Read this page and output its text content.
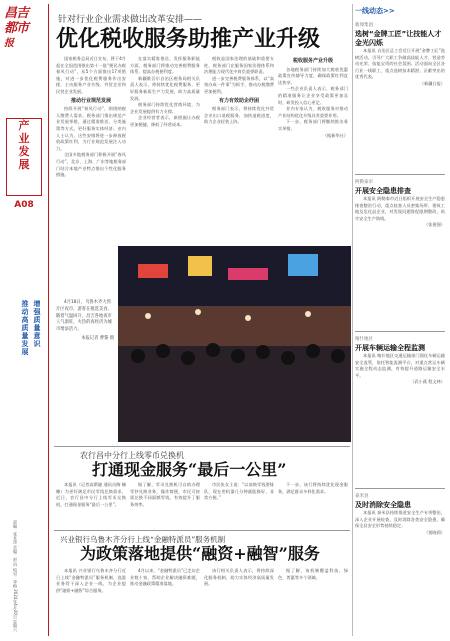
昌吉
都市
报
产
业
发
展
A08
增强质量意识
推动高质量发展
责编：张本涛 美编：赵 冉 校对：李梅 2024年4月20日 星期六
针对行业企业需求做出改革安排——
优化税收服务助推产业升级

国家税务总局近日宣布，将于4月起在全国范围推出第十一批“便民办税春风行动”，从5个方面推出17项措施，对进一步优化税费服务作出安排，主动服务产业升级、外贸企业和民营企业发展。

推动行业规范发展

持续开展“春风行动”，围绕纳税人缴费人需求，税务部门推出规范产业发展举措，通过精准推送、分类施策等方式，更好服务实体经济。业内人士认为，这些安排将进一步释放税收政策红利，为行业规范发展注入动力。

全国多地税务部门积极开展“春风行动”，北京、上海、广东等地税务部门结合本地产业特点推出个性化服务措施。

在落实精准推送、发挥服务职能方面，税务部门将推动完善税费服务体系，提高办税便利度。

新疆维吾尔自治区税务局相关负责人表示，将持续优化税费服务，更好服务新质生产力发展，助力高质量发展。

税务部门持续优化营商环境，为企业发展提供有力支撑。

企业经营者表示，新措施让办税更加便捷，降低了经营成本。

税收是国家治理的基础和重要支柱，税务部门在服务国家治理体系和治理能力现代化中肩负重要职责。

进一步完善税费服务体系，以“高效办成一件事”为抓手，推动办税缴费更加便利。

有力有效助企纾困

税务部门表示，将持续优化外贸企业出口退税服务，加快退税进度，助力企业轻装上阵。

税收服务产业升级

各地税务部门持续加大税收优惠政策宣传辅导力度，确保政策红利直达快享。

一些企业负责人表示，税务部门的精准服务让企业享受政策更加及时，研发投入信心更足。

业内专家认为，税收服务对推动产业结构优化升级具有重要作用。

下一步，税务部门将继续推出务实举措。

（据新华社）

4月18日，乌鲁木齐大湾片区夜市，游客在挑选美食。随着气温回升，昌吉各地夜市人气渐旺，火热的夜经济为城市增添活力。

本报记者 曹黎 摄

农行昌中分行上线零币兑换机
打通现金服务“最后一公里”

本报讯（记者高斯婕 通讯员陶 姗姗）为更好满足市民零钱兑换需求，近日，农行昌中分行上线零币兑换机，打通现金服务“最后一公里”。

据了解，零币兑换机可自助办理零钞兑换业务，操作简便，市民可按需兑换不同面额零钱，有效提升了服务效率。

市民张女士说：“以前换零钱要排队，现在用机器几分钟就能换好，非常方便。”

下一步，该行将持续优化现金服务，满足群众多样化需求。

兴业银行乌鲁木齐分行上线“金融特派员”服务机制
为政策落地提供“融资+融智”服务

本报讯 兴业银行乌鲁木齐分行近日上线“金融特派员”服务机制，选派业务骨干深入企业一线，为企业提供“融资+融智”综合服务。

4月以来，“金融特派员”已走访企业数十家，帮助企业解决融资难题，推动金融政策精准落地。

该行相关负责人表示，将持续深化服务机制，助力实体经济高质量发展。

据了解，该机制覆盖科技、绿色、普惠等多个领域。

一线动态>>
新闻集团
选树“金牌工匠”让技能人才金光闪烁

本报讯 自治区总工会近日开展“金牌工匠”选树活动，引导广大职工争做高技能人才，营造劳动光荣、技能宝贵的社会氛围。活动面向全区各行业一线职工，重点选树技术精湛、贡献突出的优秀代表。

（新疆日报）

阿勒泰市
开展安全隐患排查

本报讯 阿勒泰市近日组织开展安全生产隐患排查整治行动，重点检查人员密集场所、建筑工地及危化品企业，对发现问题督促限期整改，筑牢安全生产防线。

（张建强）

喀什地区
开展车辆运输全程监测

本报讯 喀什地区交通运输部门强化车辆运输安全监管，依托智能监测平台，对重点营运车辆实施全程动态监测，有效提升道路运输安全水平。

（武小燕 程文林）

泰米县
及时消除安全隐患

本报讯 泰米县持续推进安全生产专项整治，深入企业开展检查，及时消除各类安全隐患，确保全县安全形势持续稳定。

（贾晓莉）
